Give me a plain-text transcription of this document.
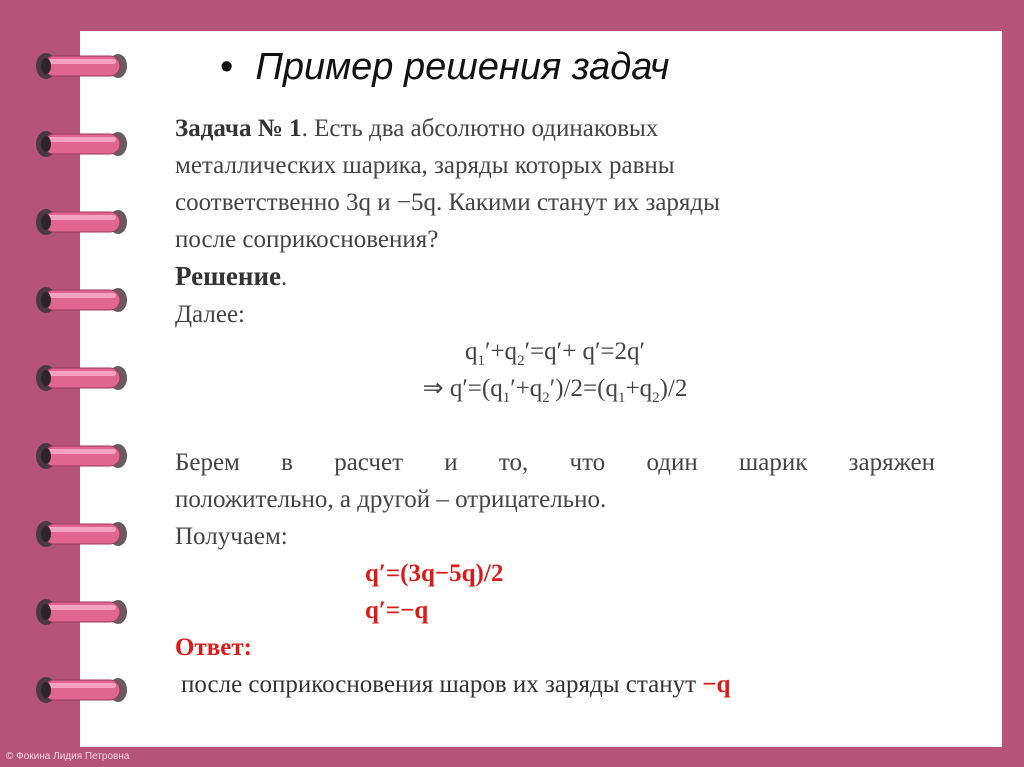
• Пример решения задач
Задача № 1. Есть два абсолютно одинаковых
металлических шарика, заряды которых равны
соответственно 3q и −5q. Какими станут их заряды
после соприкосновения?
Решение.
Далее:
$q_1'+q_2'=q'+ q'=2q'$
⇒ $q'=(q_1'+q_2')/2=(q_1+q_2)/2$
Берем в расчет и то, что один шарик заряжен
положительно, а другой – отрицательно.
Получаем:
q′=(3q−5q)/2
q′=−q
Ответ:
после соприкосновения шаров их заряды станут −q
© Фокина Лидия Петровна
